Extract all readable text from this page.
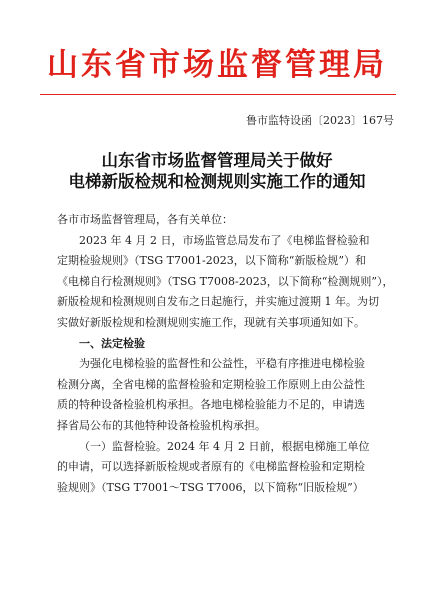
山东省市场监督管理局
鲁市监特设函〔2023〕167号
山东省市场监督管理局关于做好
电梯新版检规和检测规则实施工作的通知

各市市场监督管理局，各有关单位：

2023 年 4 月 2 日，市场监管总局发布了《电梯监督检验和

定期检验规则》（TSG T7001-2023，以下简称“新版检规”）和
《电梯自行检测规则》（TSG T7008-2023，以下简称“检测规则”），
新版检规和检测规则自发布之日起施行，并实施过渡期 1 年。为切
实做好新版检规和检测规则实施工作，现就有关事项通知如下。

一、法定检验

为强化电梯检验的监督性和公益性，平稳有序推进电梯检验

检测分离，全省电梯的监督检验和定期检验工作原则上由公益性
质的特种设备检验机构承担。各地电梯检验能力不足的，申请选
择省局公布的其他特种设备检验机构承担。

（一）监督检验。2024 年 4 月 2 日前，根据电梯施工单位

的申请，可以选择新版检规或者原有的《电梯监督检验和定期检
验规则》（TSG T7001～TSG T7006，以下简称“旧版检规”）
